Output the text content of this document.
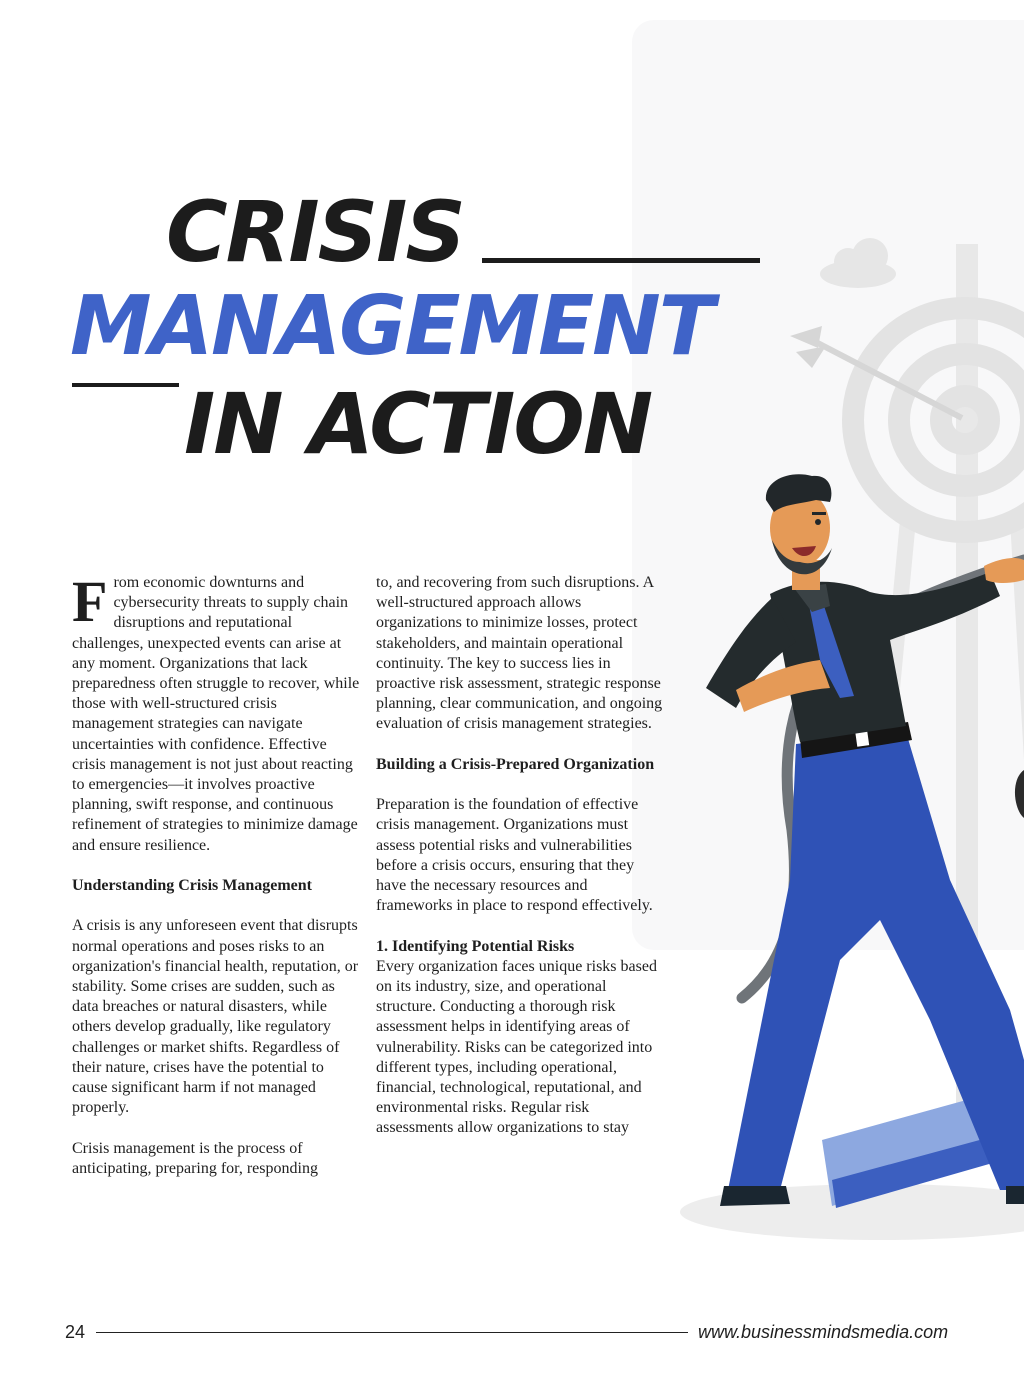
CRISIS
MANAGEMENT
IN ACTION

From economic downturns and cybersecurity threats to supply chain disruptions and reputational challenges, unexpected events can arise at any moment. Organizations that lack preparedness often struggle to recover, while those with well-structured crisis management strategies can navigate uncertainties with confidence. Effective crisis management is not just about reacting to emergencies—it involves proactive planning, swift response, and continuous refinement of strategies to minimize damage and ensure resilience.

Understanding Crisis Management

A crisis is any unforeseen event that disrupts normal operations and poses risks to an organization's financial health, reputation, or stability. Some crises are sudden, such as data breaches or natural disasters, while others develop gradually, like regulatory challenges or market shifts. Regardless of their nature, crises have the potential to cause significant harm if not managed properly.

Crisis management is the process of anticipating, preparing for, responding

to, and recovering from such disruptions. A well-structured approach allows organizations to minimize losses, protect stakeholders, and maintain operational continuity. The key to success lies in proactive risk assessment, strategic response planning, clear communication, and ongoing evaluation of crisis management strategies.

Building a Crisis-Prepared Organization

Preparation is the foundation of effective crisis management. Organizations must assess potential risks and vulnerabilities before a crisis occurs, ensuring that they have the necessary resources and frameworks in place to respond effectively.

1. Identifying Potential Risks

Every organization faces unique risks based on its industry, size, and operational structure. Conducting a thorough risk assessment helps in identifying areas of vulnerability. Risks can be categorized into different types, including operational, financial, technological, reputational, and environmental risks. Regular risk assessments allow organizations to stay

24	www.businessmindsmedia.com
